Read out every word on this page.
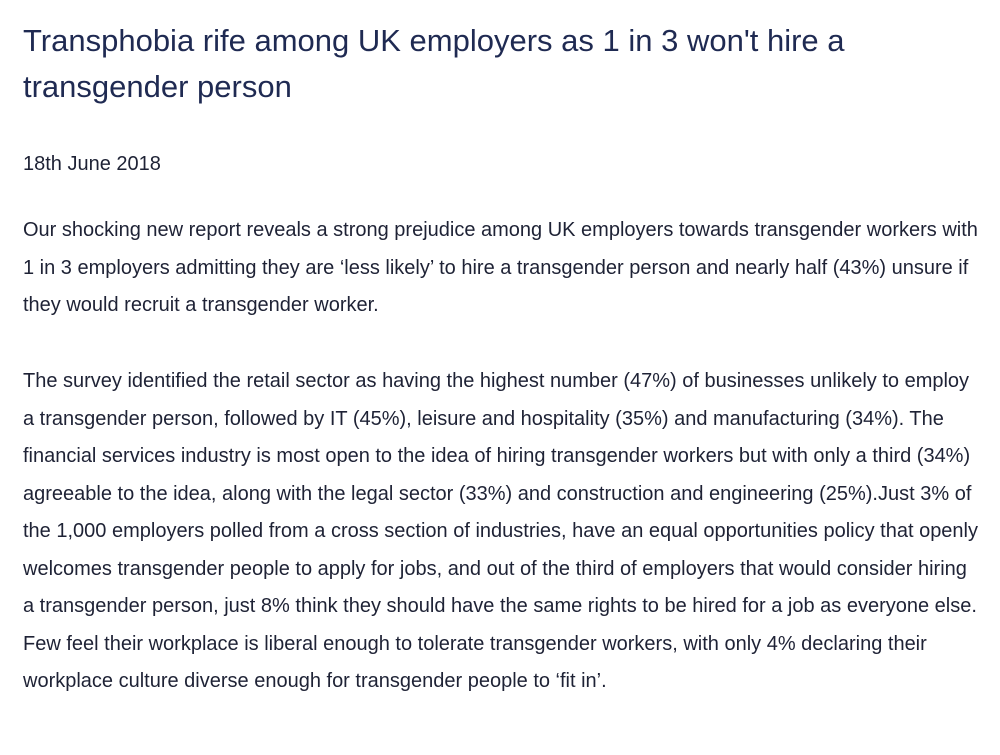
Transphobia rife among UK employers as 1 in 3 won't hire a transgender person

18th June 2018

Our shocking new report reveals a strong prejudice among UK employers towards transgender workers with 1 in 3 employers admitting they are ‘less likely’ to hire a transgender person and nearly half (43%) unsure if they would recruit a transgender worker.

The survey identified the retail sector as having the highest number (47%) of businesses unlikely to employ a transgender person, followed by IT (45%), leisure and hospitality (35%) and manufacturing (34%). The financial services industry is most open to the idea of hiring transgender workers but with only a third (34%) agreeable to the idea, along with the legal sector (33%) and construction and engineering (25%).Just 3% of the 1,000 employers polled from a cross section of industries, have an equal opportunities policy that openly welcomes transgender people to apply for jobs, and out of the third of employers that would consider hiring a transgender person, just 8% think they should have the same rights to be hired for a job as everyone else. Few feel their workplace is liberal enough to tolerate transgender workers, with only 4% declaring their workplace culture diverse enough for transgender people to ‘fit in’.
